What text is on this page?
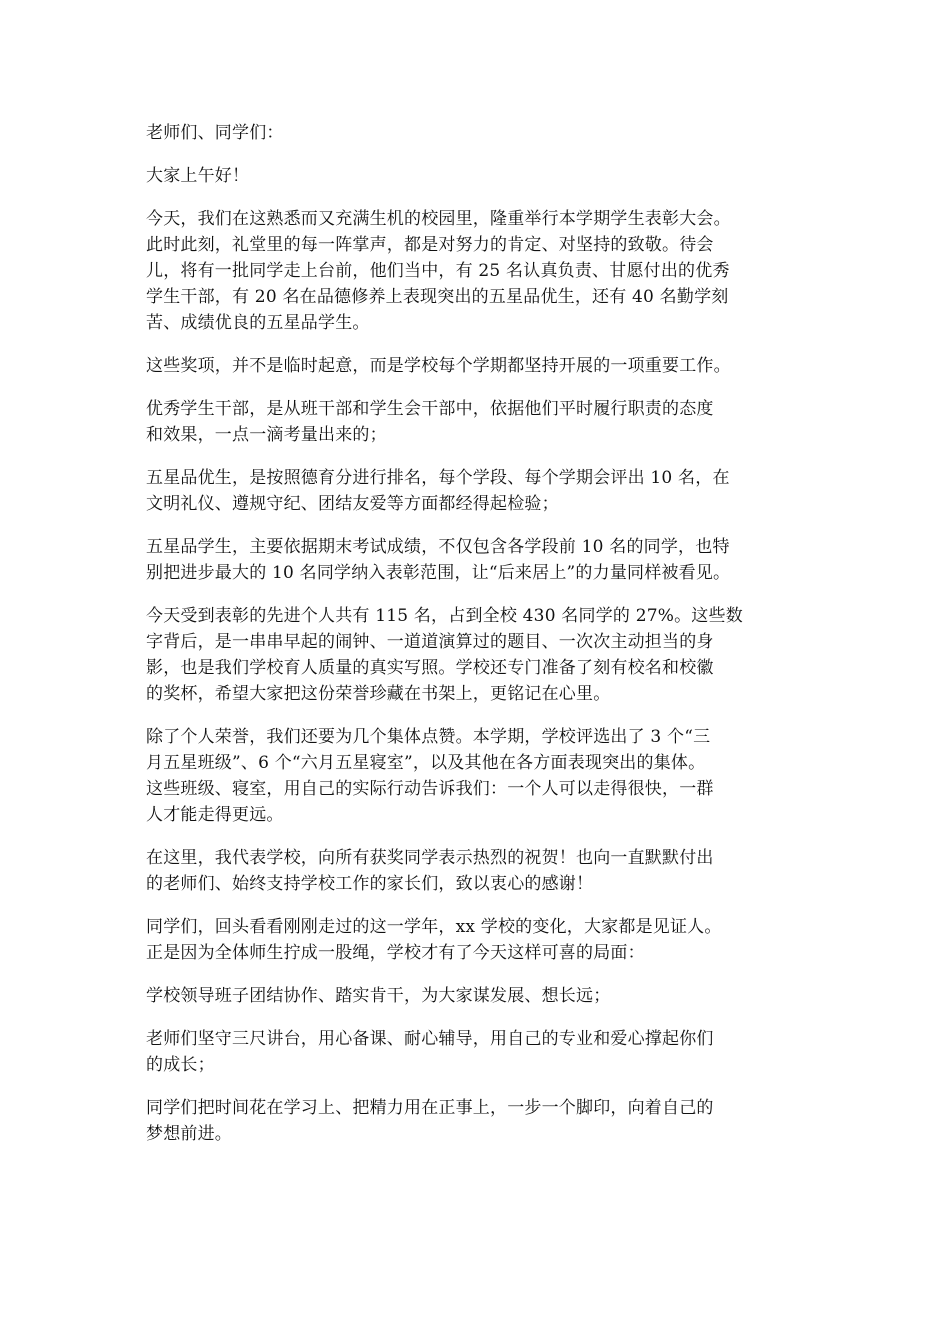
老师们、同学们：

大家上午好！

今天，我们在这熟悉而又充满生机的校园里，隆重举行本学期学生表彰大会。
此时此刻，礼堂里的每一阵掌声，都是对努力的肯定、对坚持的致敬。待会
儿，将有一批同学走上台前，他们当中，有 25 名认真负责、甘愿付出的优秀
学生干部，有 20 名在品德修养上表现突出的五星品优生，还有 40 名勤学刻
苦、成绩优良的五星品学生。

这些奖项，并不是临时起意，而是学校每个学期都坚持开展的一项重要工作。

优秀学生干部，是从班干部和学生会干部中，依据他们平时履行职责的态度
和效果，一点一滴考量出来的；

五星品优生，是按照德育分进行排名，每个学段、每个学期会评出 10 名，在
文明礼仪、遵规守纪、团结友爱等方面都经得起检验；

五星品学生，主要依据期末考试成绩，不仅包含各学段前 10 名的同学，也特
别把进步最大的 10 名同学纳入表彰范围，让“后来居上”的力量同样被看见。

今天受到表彰的先进个人共有 115 名，占到全校 430 名同学的 27%。这些数
字背后，是一串串早起的闹钟、一道道演算过的题目、一次次主动担当的身
影，也是我们学校育人质量的真实写照。学校还专门准备了刻有校名和校徽
的奖杯，希望大家把这份荣誉珍藏在书架上，更铭记在心里。

除了个人荣誉，我们还要为几个集体点赞。本学期，学校评选出了 3 个“三
月五星班级”、6 个“六月五星寝室”，以及其他在各方面表现突出的集体。
这些班级、寝室，用自己的实际行动告诉我们：一个人可以走得很快，一群
人才能走得更远。

在这里，我代表学校，向所有获奖同学表示热烈的祝贺！也向一直默默付出
的老师们、始终支持学校工作的家长们，致以衷心的感谢！

同学们，回头看看刚刚走过的这一学年，xx 学校的变化，大家都是见证人。
正是因为全体师生拧成一股绳，学校才有了今天这样可喜的局面：

学校领导班子团结协作、踏实肯干，为大家谋发展、想长远；

老师们坚守三尺讲台，用心备课、耐心辅导，用自己的专业和爱心撑起你们
的成长；

同学们把时间花在学习上、把精力用在正事上，一步一个脚印，向着自己的
梦想前进。
